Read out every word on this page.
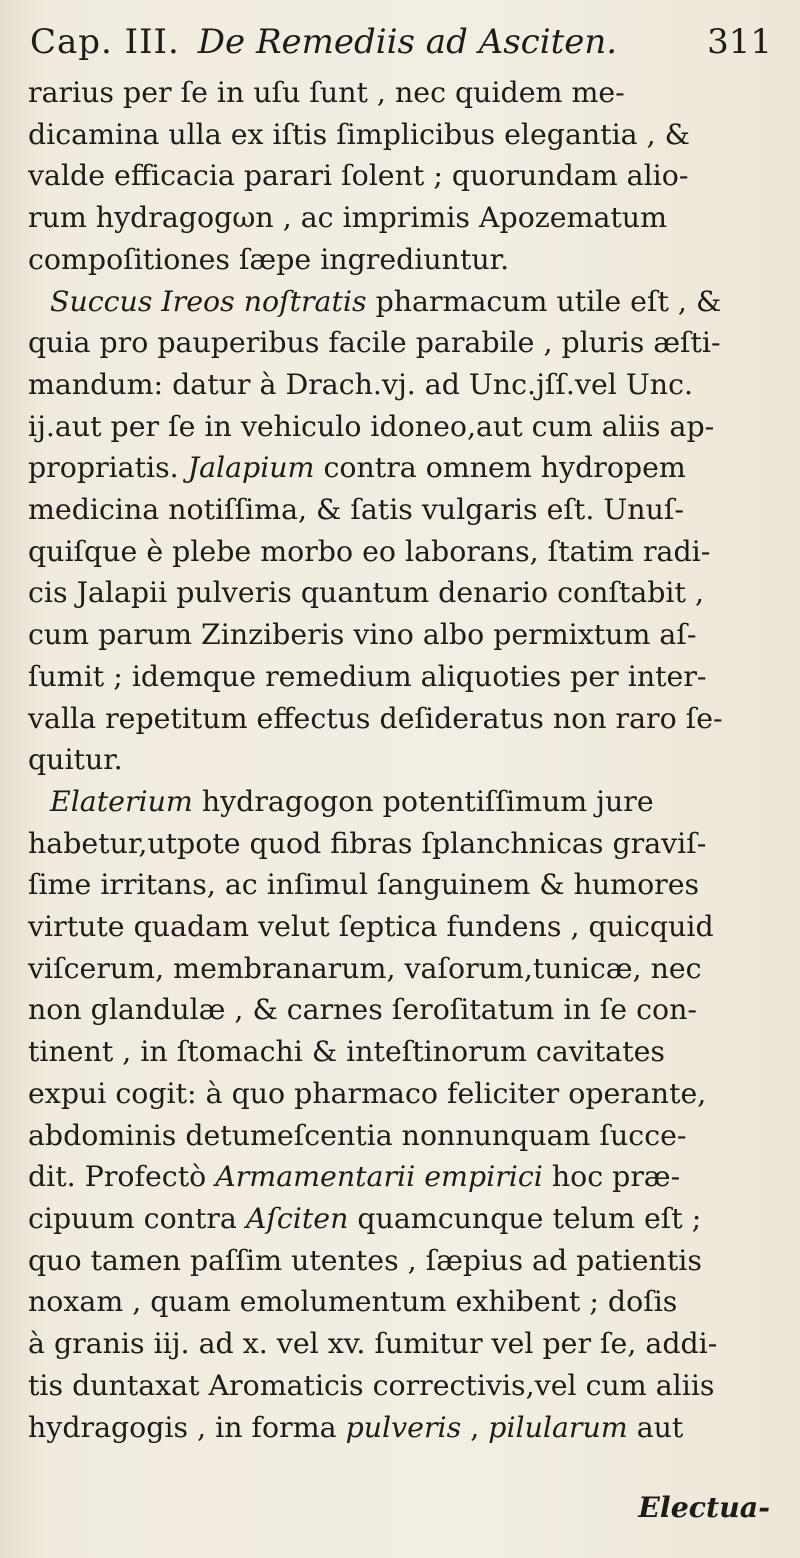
Cap. III. De Remediis ad Asciten.	311
rarius per ſe in uſu ſunt , nec quidem me-
dicamina ulla ex iſtis ſimplicibus elegantia , &
valde efficacia parari ſolent ; quorundam alio-
rum hydragogωn , ac imprimis Apozematum
compoſitiones ſæpe ingrediuntur.
Succus Ireos noſtratis pharmacum utile eſt , &
quia pro pauperibus facile parabile , pluris æſti-
mandum: datur à Drach.vj. ad Unc.jſſ.vel Unc.
ij.aut per ſe in vehiculo idoneo,aut cum aliis ap-
propriatis. Jalapium contra omnem hydropem
medicina notiſſima, & ſatis vulgaris eſt. Unuſ-
quiſque è plebe morbo eo laborans, ſtatim radi-
cis Jalapii pulveris quantum denario conſtabit ,
cum parum Zinziberis vino albo permixtum aſ-
ſumit ; idemque remedium aliquoties per inter-
valla repetitum effectus deſideratus non raro ſe-
quitur.
Elaterium hydragogon potentiſſimum jure
habetur,utpote quod fibras ſplanchnicas graviſ-
ſime irritans, ac inſimul ſanguinem & humores
virtute quadam velut ſeptica fundens , quicquid
viſcerum, membranarum, vaſorum,tunicæ, nec
non glandulæ , & carnes ſeroſitatum in ſe con-
tinent , in ſtomachi & inteſtinorum cavitates
expui cogit: à quo pharmaco feliciter operante,
abdominis detumeſcentia nonnunquam ſucce-
dit. Profectò Armamentarii empirici hoc præ-
cipuum contra Aſciten quamcunque telum eſt ;
quo tamen paſſim utentes , ſæpius ad patientis
noxam , quam emolumentum exhibent ; doſis
à granis iij. ad x. vel xv. ſumitur vel per ſe, addi-
tis duntaxat Aromaticis correctivis,vel cum aliis
hydragogis , in forma pulveris , pilularum aut
Electua-
